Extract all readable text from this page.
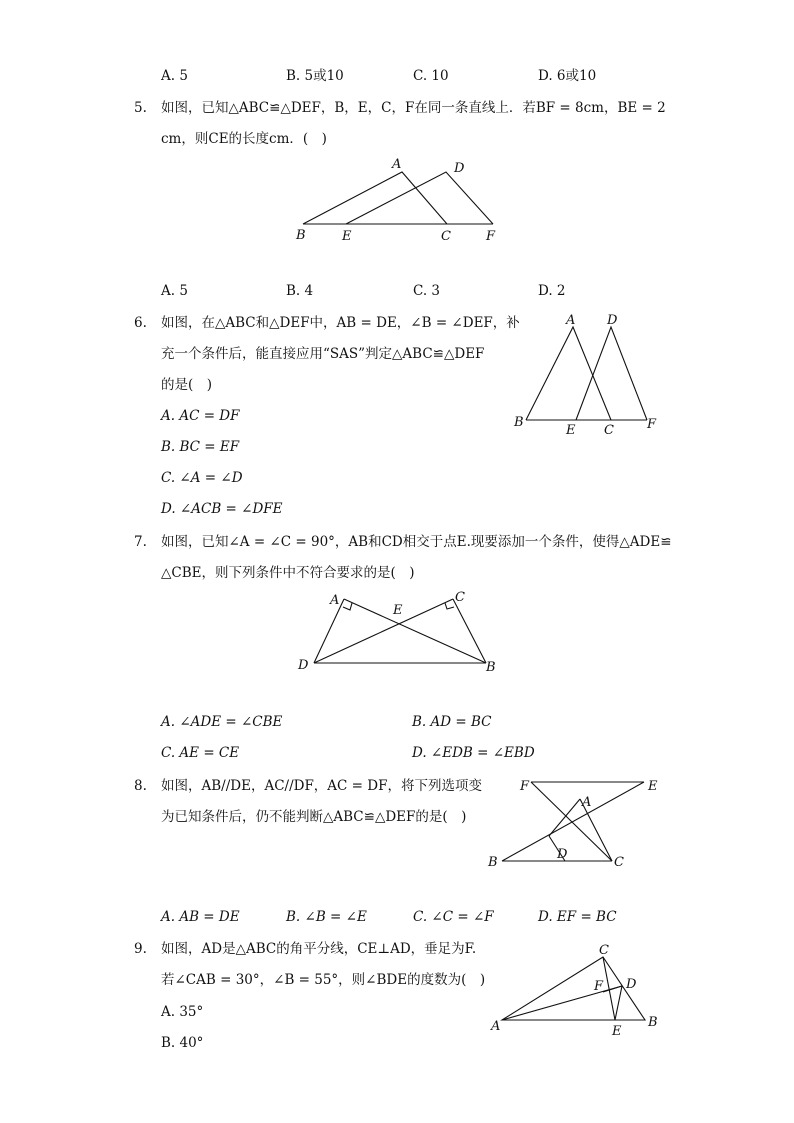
A. 5	B. 5或10	C. 10	D. 6或10
5. 如图，已知△ABC≌△DEF，B，E，C，F在同一条直线上．若BF = 8cm，BE = 2
cm，则CE的长度cm．(　)
A	D
B	E	C	F
A. 5	B. 4	C. 3	D. 2
6. 如图，在△ABC和△DEF中，AB = DE，∠B = ∠DEF，补
充一个条件后，能直接应用“SAS”判定△ABC≌△DEF
的是(　)
A D
B
E C	F
A. AC = DF
B. BC = EF
C. ∠A = ∠D
D. ∠ACB = ∠DFE
7. 如图，已知∠A = ∠C = 90°，AB和CD相交于点E.现要添加一个条件，使得△ADE≌
△CBE，则下列条件中不符合要求的是(　)
A
E
C
D	B
A. ∠ADE = ∠CBE	B. AD = BC
C. AE = CE	D. ∠EDB = ∠EBD
8. 如图，AB//DE，AC//DF，AC = DF，将下列选项变
为已知条件后，仍不能判断△ABC≌△DEF的是(　)
F	E
A
D
B	C
A. AB = DE	B. ∠B = ∠E	C. ∠C = ∠F	D. EF = BC
9. 如图，AD是△ABC的角平分线，CE⊥AD，垂足为F.
若∠CAB = 30°，∠B = 55°，则∠BDE的度数为(　)
C
F D
A	E
B
A. 35°
B. 40°
